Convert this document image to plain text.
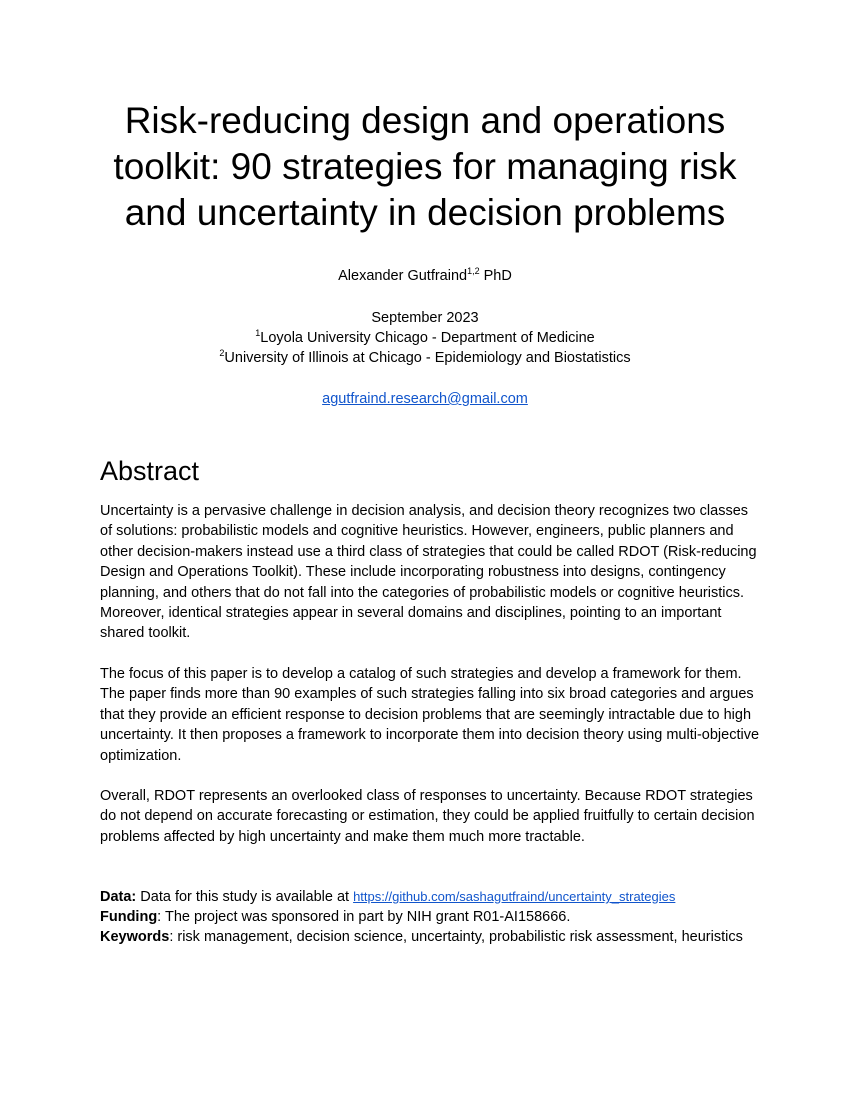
Risk-reducing design and operations
toolkit: 90 strategies for managing risk
and uncertainty in decision problems

Alexander Gutfraind$^{1,2}$ PhD

September 2023

$^1$Loyola University Chicago - Department of Medicine

$^2$University of Illinois at Chicago - Epidemiology and Biostatistics

agutfraind.research@gmail.com

Abstract

Uncertainty is a pervasive challenge in decision analysis, and decision theory recognizes two classes of solutions: probabilistic models and cognitive heuristics. However, engineers, public planners and other decision-makers instead use a third class of strategies that could be called RDOT (Risk-reducing Design and Operations Toolkit). These include incorporating robustness into designs, contingency planning, and others that do not fall into the categories of probabilistic models or cognitive heuristics. Moreover, identical strategies appear in several domains and disciplines, pointing to an important shared toolkit.

The focus of this paper is to develop a catalog of such strategies and develop a framework for them. The paper finds more than 90 examples of such strategies falling into six broad categories and argues that they provide an efficient response to decision problems that are seemingly intractable due to high uncertainty. It then proposes a framework to incorporate them into decision theory using multi-objective optimization.

Overall, RDOT represents an overlooked class of responses to uncertainty. Because RDOT strategies do not depend on accurate forecasting or estimation, they could be applied fruitfully to certain decision problems affected by high uncertainty and make them much more tractable.

Data: Data for this study is available at https://github.com/sashagutfraind/uncertainty_strategies

Funding: The project was sponsored in part by NIH grant R01-AI158666.

Keywords: risk management, decision science, uncertainty, probabilistic risk assessment, heuristics
